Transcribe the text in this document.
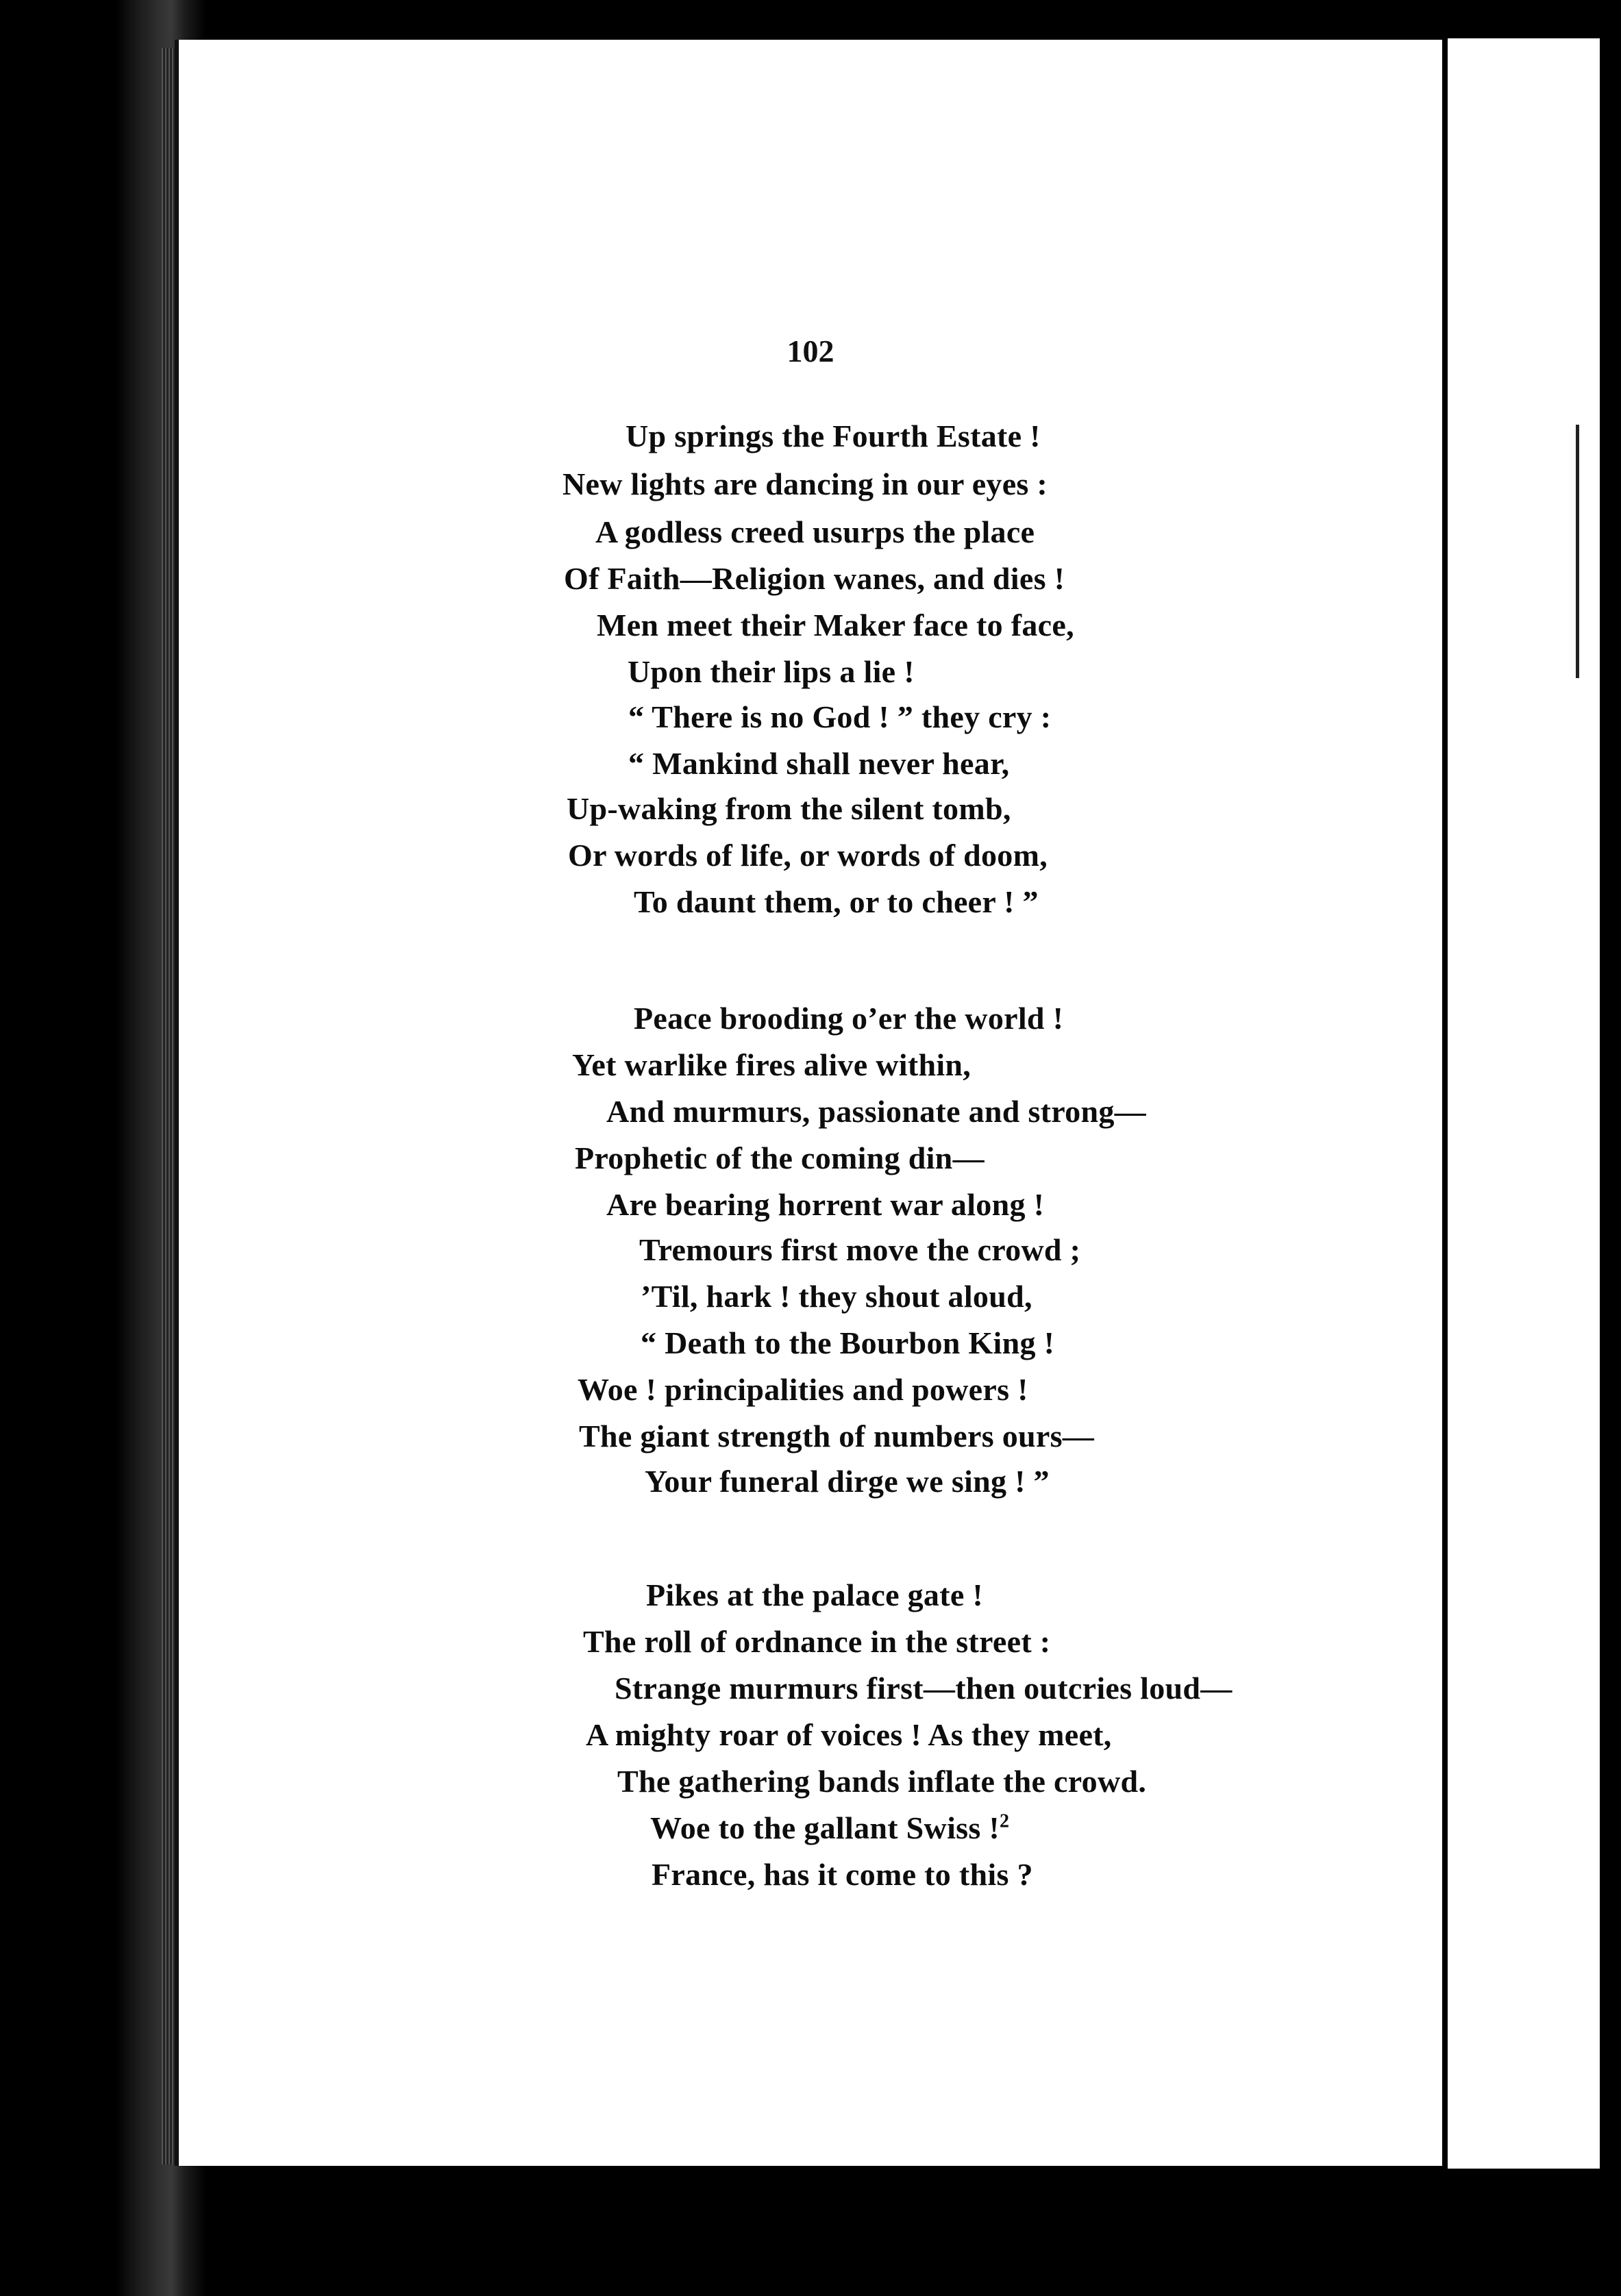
102
Up springs the Fourth Estate !
New lights are dancing in our eyes :
A godless creed usurps the place
Of Faith—Religion wanes, and dies !
Men meet their Maker face to face,
Upon their lips a lie !
“ There is no God ! ” they cry :
“ Mankind shall never hear,
Up-waking from the silent tomb,
Or words of life, or words of doom,
To daunt them, or to cheer ! ”
Peace brooding o’er the world !
Yet warlike fires alive within,
And murmurs, passionate and strong—
Prophetic of the coming din—
Are bearing horrent war along !
Tremours first move the crowd ;
’Til, hark ! they shout aloud,
“ Death to the Bourbon King !
Woe ! principalities and powers !
The giant strength of numbers ours—
Your funeral dirge we sing ! ”
Pikes at the palace gate !
The roll of ordnance in the street :
Strange murmurs first—then outcries loud—
A mighty roar of voices ! As they meet,
The gathering bands inflate the crowd.
Woe to the gallant Swiss !$^2$
France, has it come to this ?
